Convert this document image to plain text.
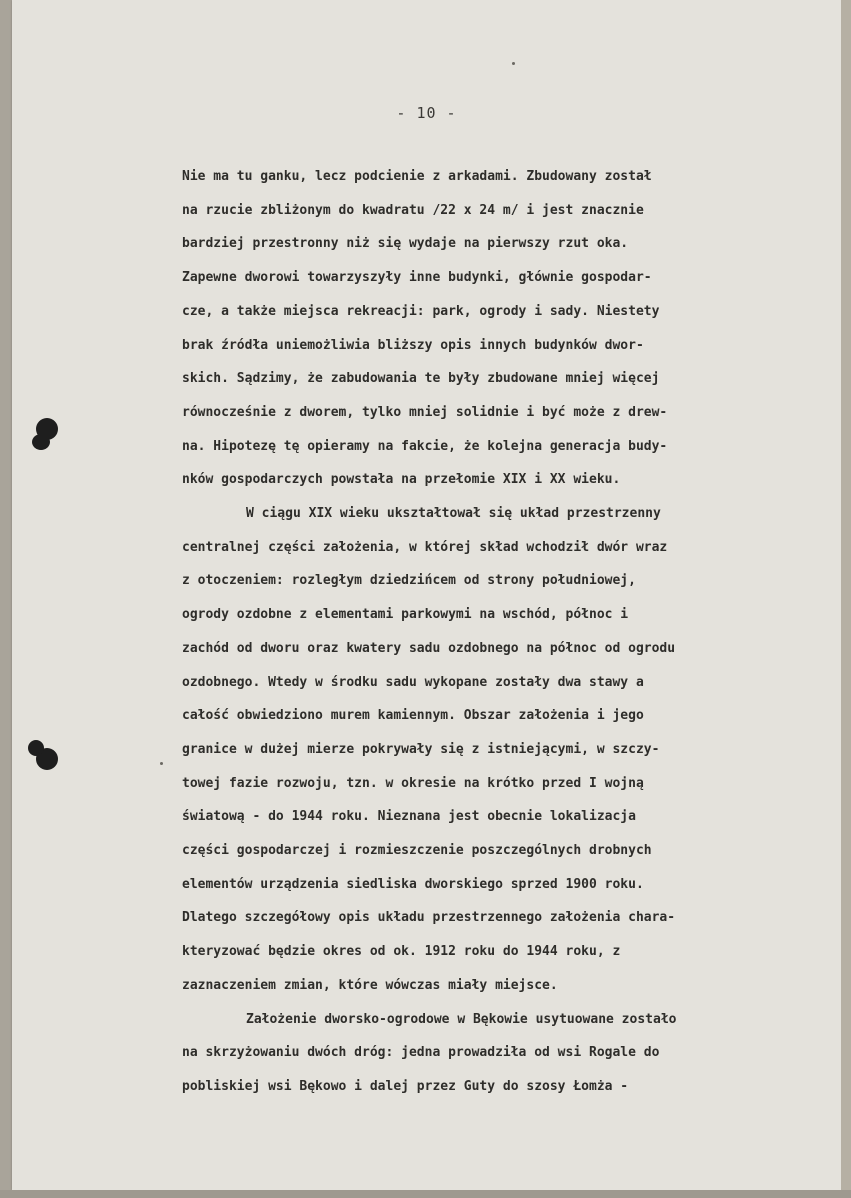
- 10 -
Nie ma tu ganku, lecz podcienie z arkadami. Zbudowany został
na rzucie zbliżonym do kwadratu /22 x 24 m/ i jest znacznie
bardziej przestronny niż się wydaje na pierwszy rzut oka.
Zapewne dworowi towarzyszyły inne budynki, głównie gospodar-
cze, a także miejsca rekreacji: park, ogrody i sady. Niestety
brak źródła uniemożliwia bliższy opis innych budynków dwor-
skich. Sądzimy, że zabudowania te były zbudowane mniej więcej
równocześnie z dworem, tylko mniej solidnie i być może z drew-
na. Hipotezę tę opieramy na fakcie, że kolejna generacja budy-
nków gospodarczych powstała na przełomie XIX i XX wieku.
W ciągu XIX wieku ukształtował się układ przestrzenny
centralnej części założenia, w której skład wchodził dwór wraz
z otoczeniem: rozległym dziedzińcem od strony południowej,
ogrody ozdobne z elementami parkowymi na wschód, północ i
zachód od dworu oraz kwatery sadu ozdobnego na północ od ogrodu
ozdobnego. Wtedy w środku sadu wykopane zostały dwa stawy a
całość obwiedziono murem kamiennym. Obszar założenia i jego
granice w dużej mierze pokrywały się z istniejącymi, w szczy-
towej fazie rozwoju, tzn. w okresie na krótko przed I wojną
światową - do 1944 roku. Nieznana jest obecnie lokalizacja
części gospodarczej i rozmieszczenie poszczególnych drobnych
elementów urządzenia siedliska dworskiego sprzed 1900 roku.
Dlatego szczegółowy opis układu przestrzennego założenia chara-
kteryzować będzie okres od ok. 1912 roku do 1944 roku, z
zaznaczeniem zmian, które wówczas miały miejsce.
Założenie dworsko-ogrodowe w Bękowie usytuowane zostało
na skrzyżowaniu dwóch dróg: jedna prowadziła od wsi Rogale do
pobliskiej wsi Bękowo i dalej przez Guty do szosy Łomża -
